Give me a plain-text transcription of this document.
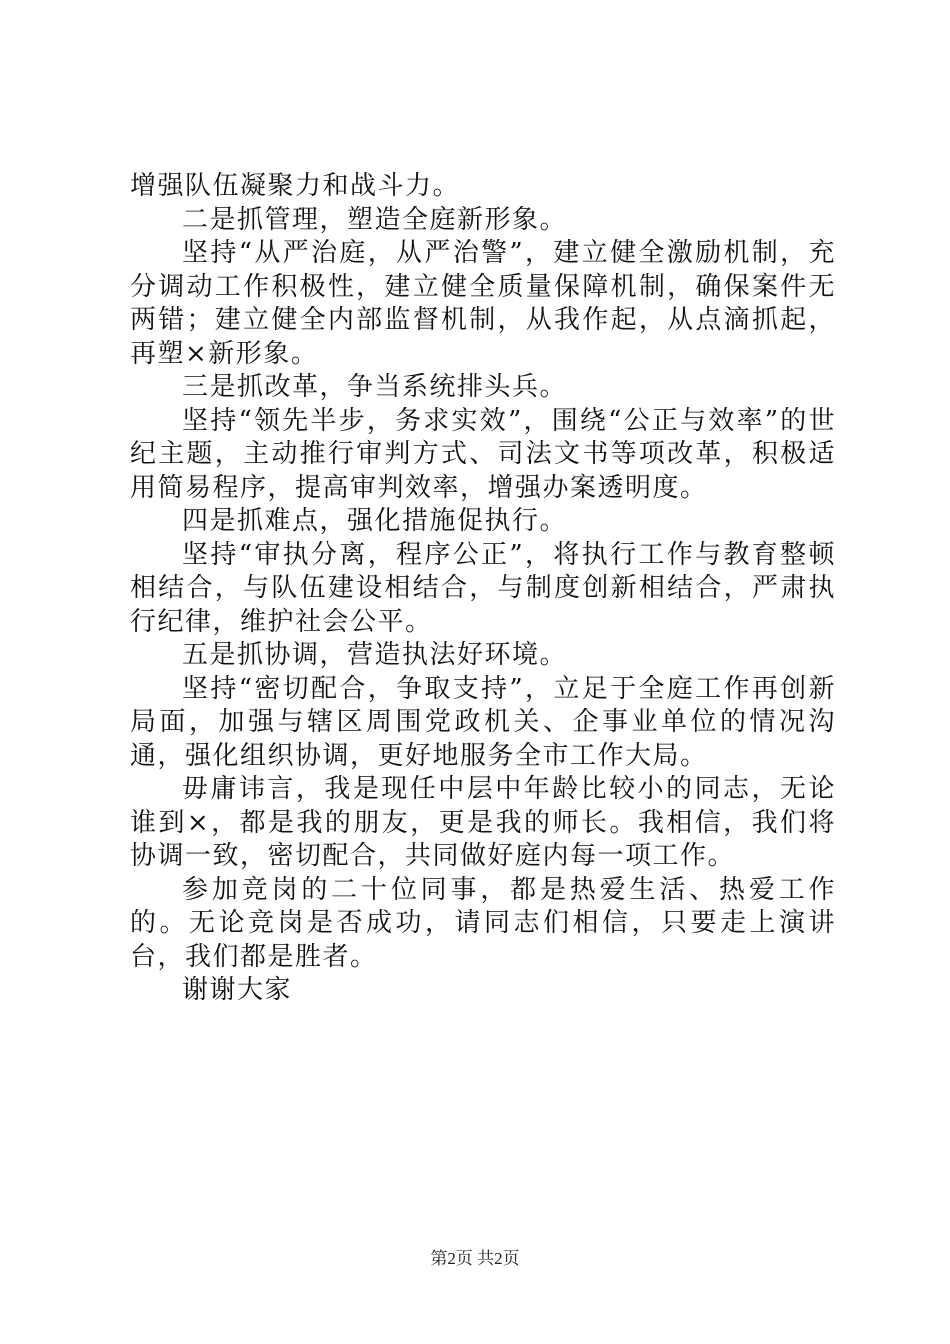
增强队伍凝聚力和战斗力。

二是抓管理，塑造全庭新形象。

坚持“从严治庭，从严治警”，建立健全激励机制，充分调动工作积极性，建立健全质量保障机制，确保案件无两错；建立健全内部监督机制，从我作起，从点滴抓起，再塑×新形象。

三是抓改革，争当系统排头兵。

坚持“领先半步，务求实效”，围绕“公正与效率”的世纪主题，主动推行审判方式、司法文书等项改革，积极适用简易程序，提高审判效率，增强办案透明度。

四是抓难点，强化措施促执行。

坚持“审执分离，程序公正”，将执行工作与教育整顿相结合，与队伍建设相结合，与制度创新相结合，严肃执行纪律，维护社会公平。

五是抓协调，营造执法好环境。

坚持“密切配合，争取支持”，立足于全庭工作再创新局面，加强与辖区周围党政机关、企事业单位的情况沟通，强化组织协调，更好地服务全市工作大局。

毋庸讳言，我是现任中层中年龄比较小的同志，无论谁到×，都是我的朋友，更是我的师长。我相信，我们将协调一致，密切配合，共同做好庭内每一项工作。

参加竞岗的二十位同事，都是热爱生活、热爱工作的。无论竞岗是否成功，请同志们相信，只要走上演讲台，我们都是胜者。

谢谢大家

第2页 共2页
